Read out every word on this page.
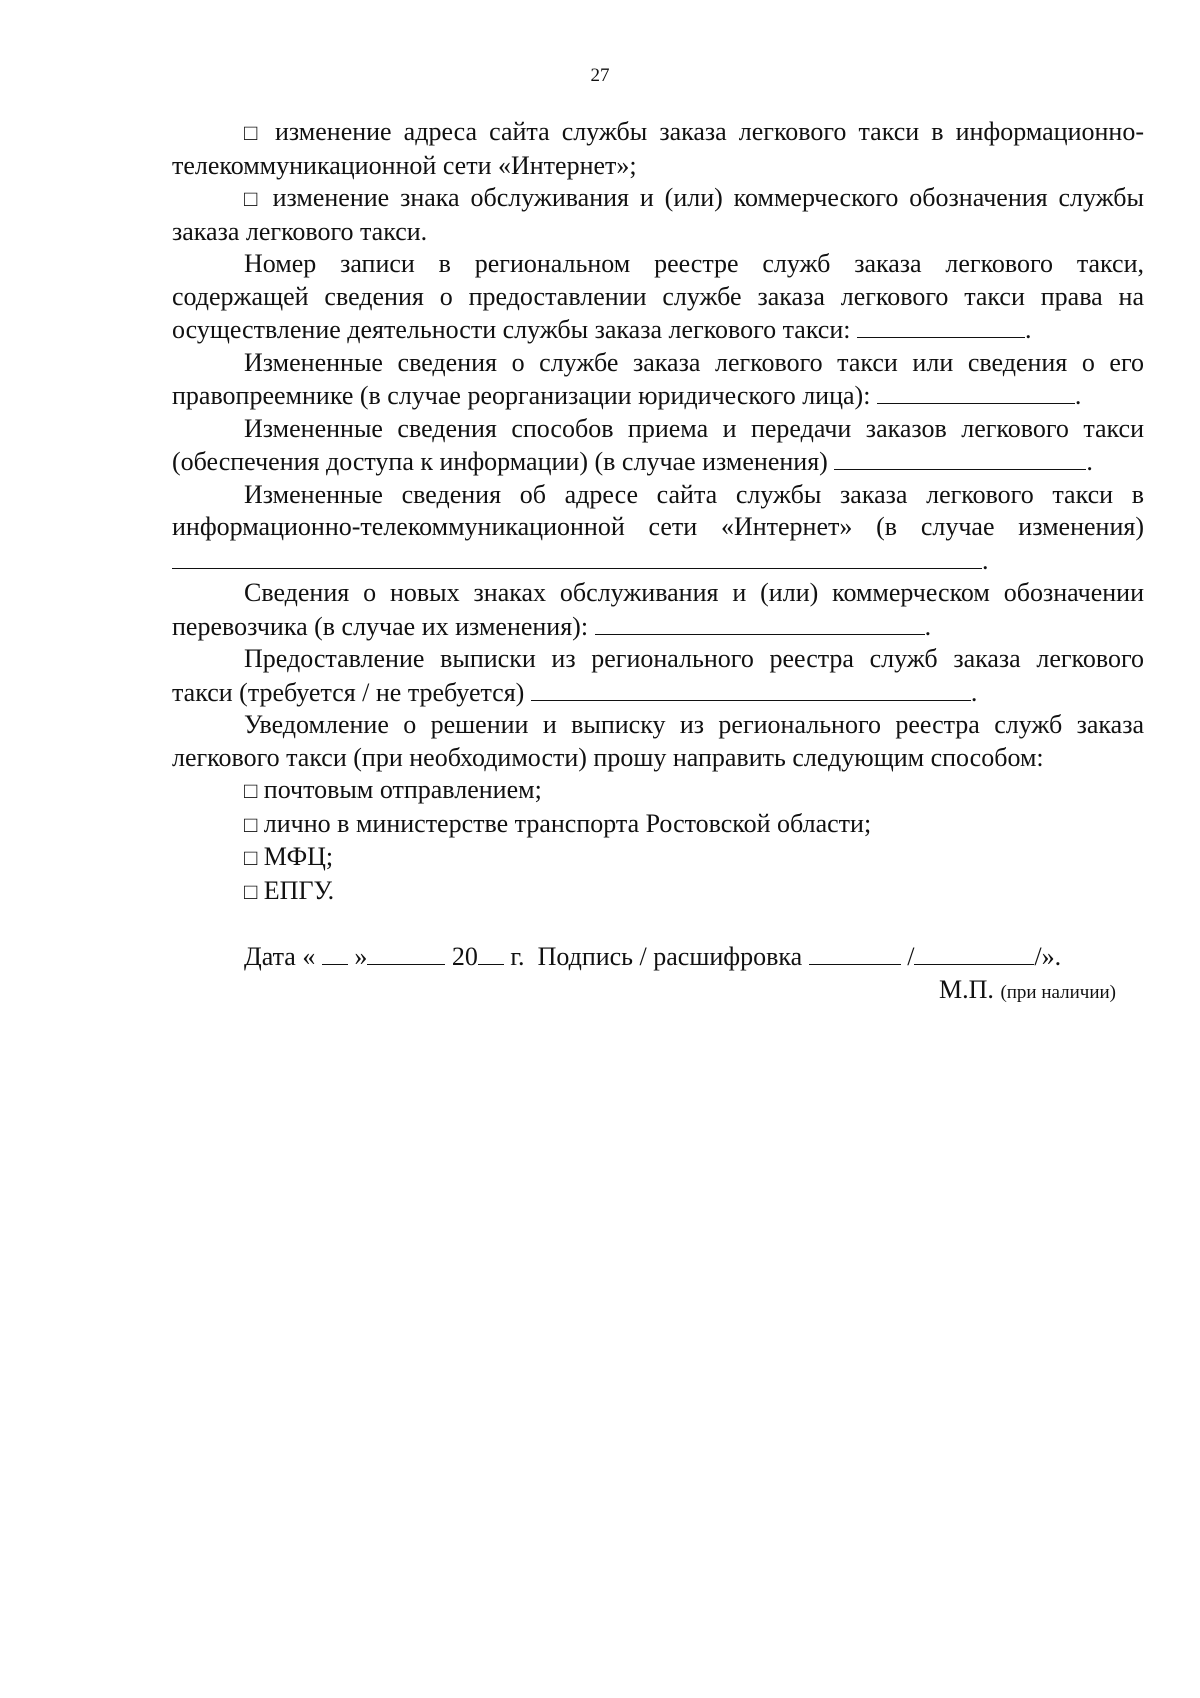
27

□ изменение адреса сайта службы заказа легкового такси в информационно-телекоммуникационной сети «Интернет»;

□ изменение знака обслуживания и (или) коммерческого обозначения службы заказа легкового такси.

Номер записи в региональном реестре служб заказа легкового такси, содержащей сведения о предоставлении службе заказа легкового такси права на осуществление деятельности службы заказа легкового такси:	.

Измененные сведения о службе заказа легкового такси или сведения о его правопреемнике (в случае реорганизации юридического лица):	.

Измененные сведения способов приема и передачи заказов легкового такси (обеспечения доступа к информации) (в случае изменения)	.

Измененные сведения об адресе сайта службы заказа легкового такси в информационно-телекоммуникационной сети «Интернет» (в случае изменения) .

Сведения о новых знаках обслуживания и (или) коммерческом обозначении перевозчика (в случае их изменения):	.

Предоставление выписки из регионального реестра служб заказа легкового такси (требуется / не требуется)	.

Уведомление о решении и выписку из регионального реестра служб заказа легкового такси (при необходимости) прошу направить следующим способом:

□ почтовым отправлением;

□ лично в министерстве транспорта Ростовской области;

□ МФЦ;

□ ЕПГУ.

Дата « »	20 г. Подпись / расшифровка	/	/».

М.П. (при наличии)
